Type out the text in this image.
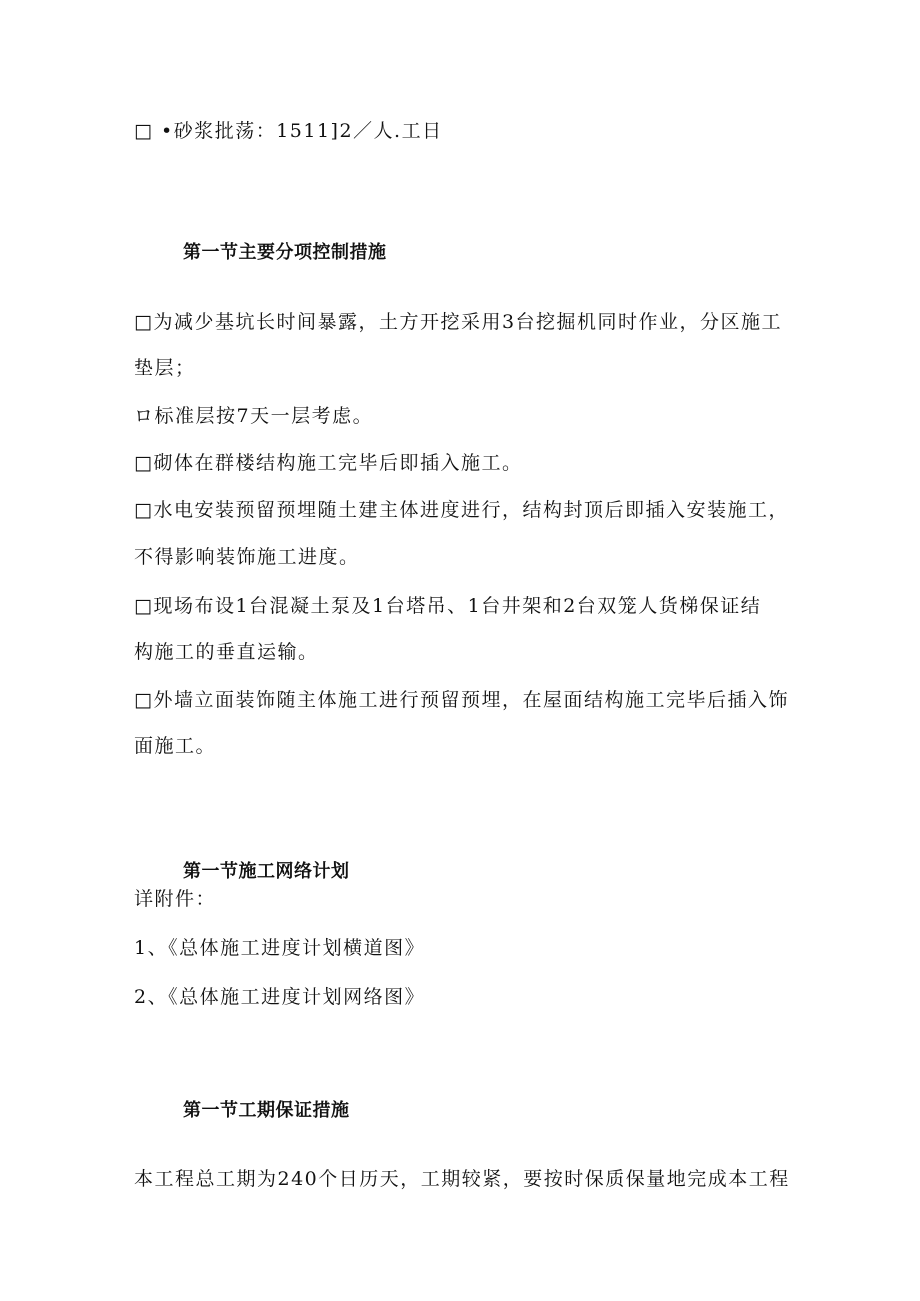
□ •砂浆批荡：1511]2／人.工日
第一节主要分项控制措施
□为减少基坑长时间暴露，土方开挖采用3台挖掘机同时作业，分区施工
垫层；
ロ标准层按7天一层考虑。
□砌体在群楼结构施工完毕后即插入施工。
□水电安装预留预埋随土建主体进度进行，结构封顶后即插入安装施工，
不得影响装饰施工进度。
□现场布设1台混凝土泵及1台塔吊、1台井架和2台双笼人货梯保证结
构施工的垂直运输。
□外墙立面装饰随主体施工进行预留预埋，在屋面结构施工完毕后插入饰
面施工。
第一节施工网络计划
详附件：
1、《总体施工进度计划横道图》
2、《总体施工进度计划网络图》
第一节工期保证措施
本工程总工期为240个日历天，工期较紧，要按时保质保量地完成本工程
